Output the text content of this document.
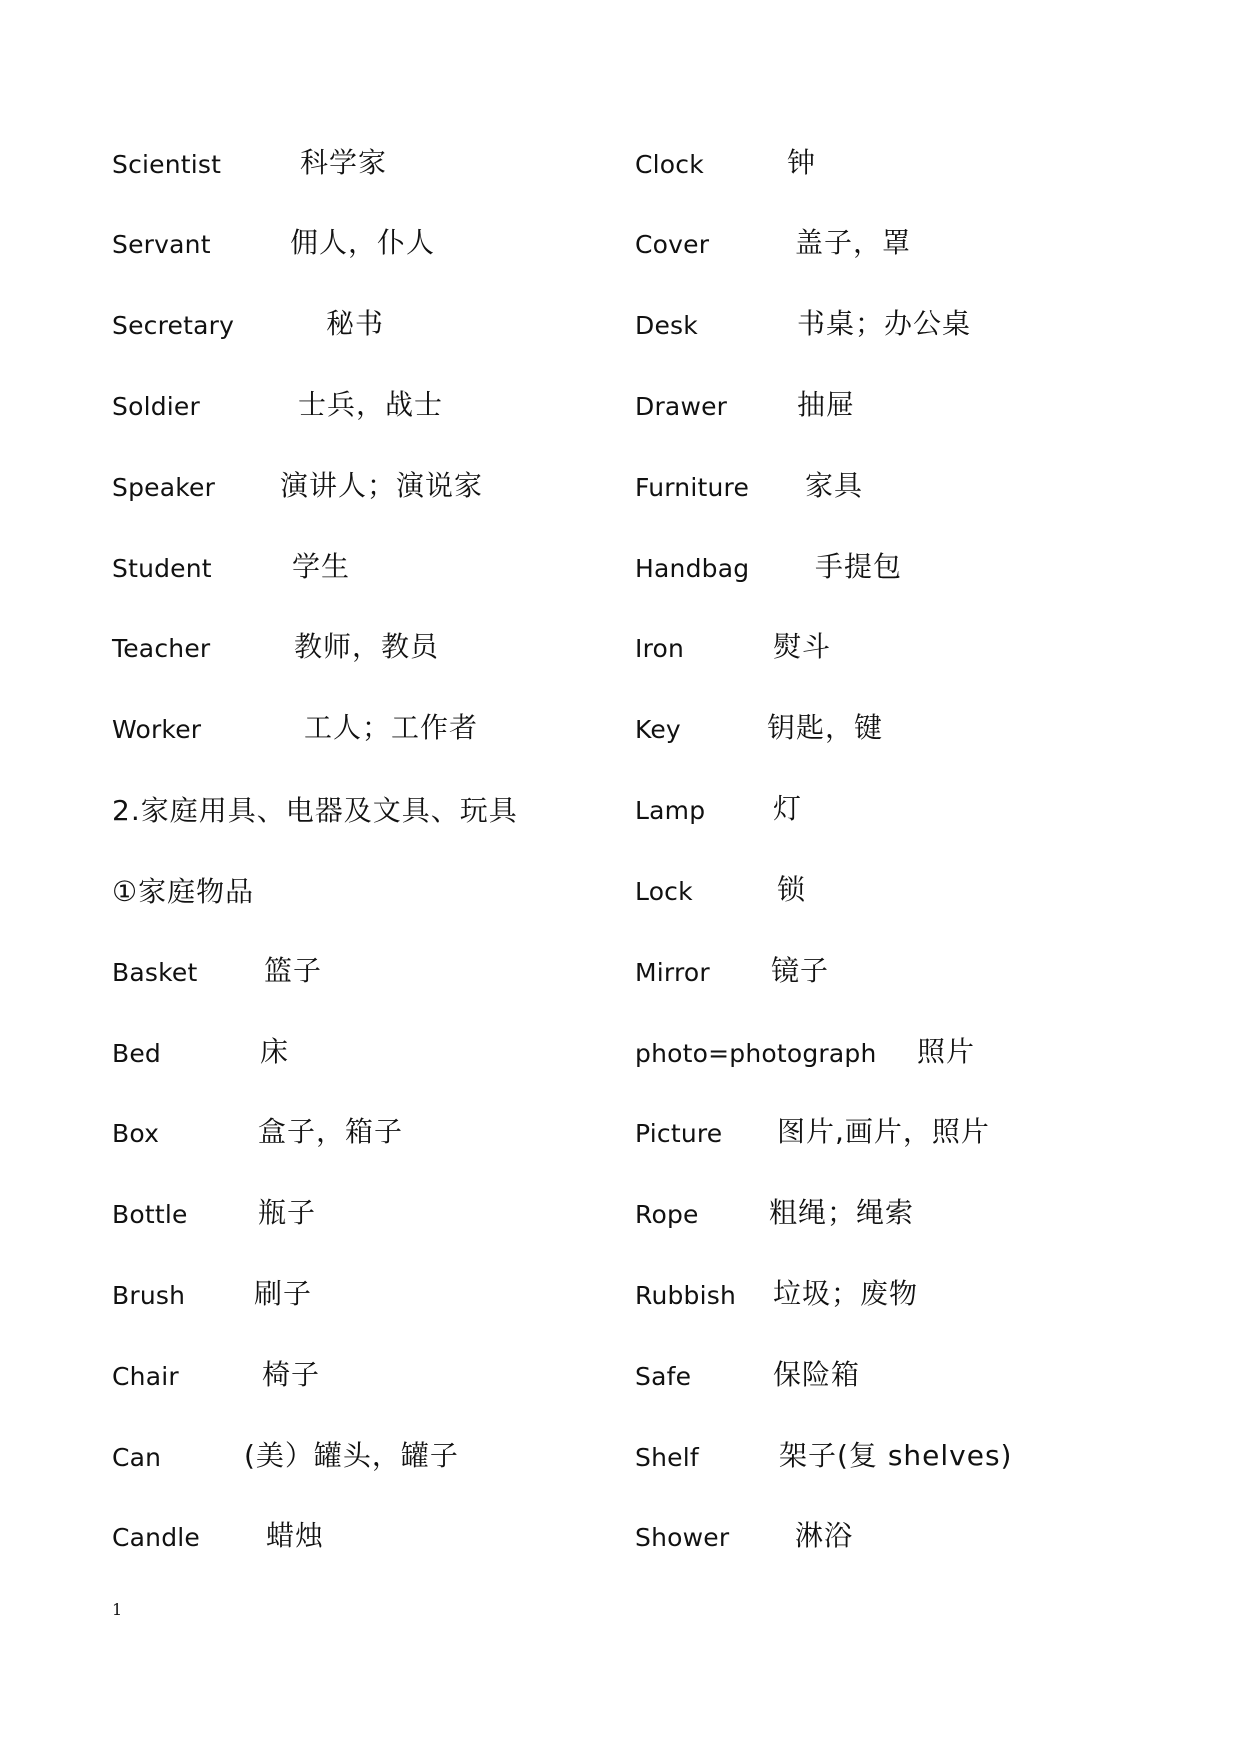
Scientist	科学家
Servant	佣人，仆人
Secretary	秘书
Soldier	士兵，战士
Speaker 演讲人；演说家
Student	学生
Teacher	教师，教员
Worker	工人；工作者
2.家庭用具、电器及文具、玩具
①家庭物品
Basket 篮子
Bed	床
Box	盒子，箱子
Bottle	瓶子
Brush 刷子
Chair	椅子
Can	(美）罐头，罐子
Candle 蜡烛
Clock	钟
Cover	盖子，罩
Desk	书桌；办公桌
Drawer 抽屉
Furniture 家具
Handbag 手提包
Iron	熨斗
Key	钥匙，键
Lamp 灯
Lock	锁
Mirror 镜子
photo=photograph 照片
Picture 图片,画片，照片
Rope	粗绳；绳索
Rubbish 垃圾；废物
Safe	保险箱
Shelf	架子(复 shelves)
Shower 淋浴
1
